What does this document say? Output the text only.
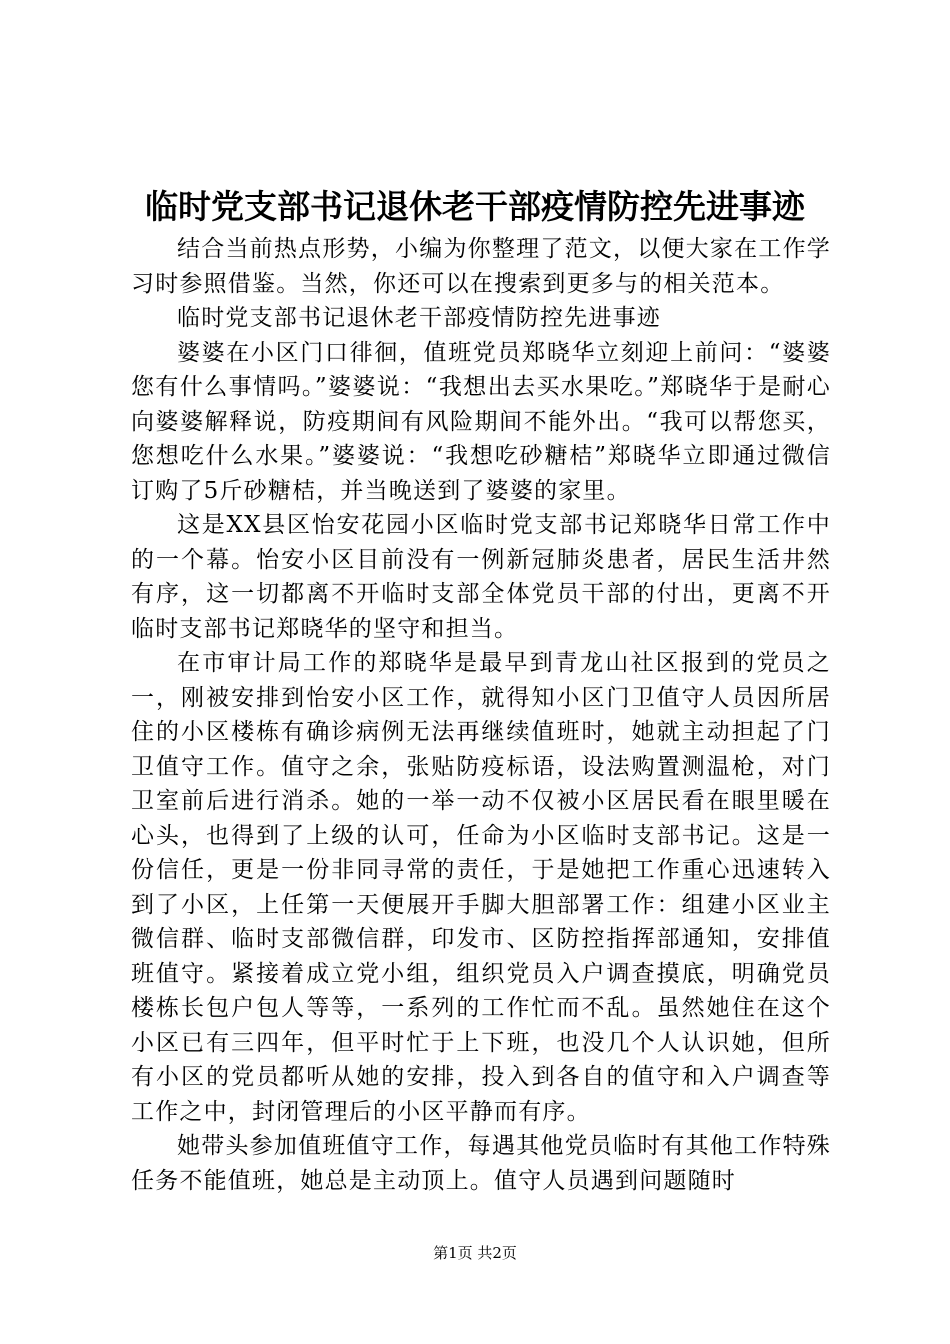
临时党支部书记退休老干部疫情防控先进事迹

结合当前热点形势，小编为你整理了范文，以便大家在工作学习时参照借鉴。当然，你还可以在搜索到更多与的相关范本。

临时党支部书记退休老干部疫情防控先进事迹

婆婆在小区门口徘徊，值班党员郑晓华立刻迎上前问：“婆婆您有什么事情吗。”婆婆说：“我想出去买水果吃。”郑晓华于是耐心向婆婆解释说，防疫期间有风险期间不能外出。“我可以帮您买，您想吃什么水果。”婆婆说：“我想吃砂糖桔”郑晓华立即通过微信订购了5斤砂糖桔，并当晚送到了婆婆的家里。

这是XX县区怡安花园小区临时党支部书记郑晓华日常工作中的一个幕。怡安小区目前没有一例新冠肺炎患者，居民生活井然有序，这一切都离不开临时支部全体党员干部的付出，更离不开临时支部书记郑晓华的坚守和担当。

在市审计局工作的郑晓华是最早到青龙山社区报到的党员之一，刚被安排到怡安小区工作，就得知小区门卫值守人员因所居住的小区楼栋有确诊病例无法再继续值班时，她就主动担起了门卫值守工作。值守之余，张贴防疫标语，设法购置测温枪，对门卫室前后进行消杀。她的一举一动不仅被小区居民看在眼里暖在心头，也得到了上级的认可，任命为小区临时支部书记。这是一份信任，更是一份非同寻常的责任，于是她把工作重心迅速转入到了小区，上任第一天便展开手脚大胆部署工作：组建小区业主微信群、临时支部微信群，印发市、区防控指挥部通知，安排值班值守。紧接着成立党小组，组织党员入户调查摸底，明确党员楼栋长包户包人等等，一系列的工作忙而不乱。虽然她住在这个小区已有三四年，但平时忙于上下班，也没几个人认识她，但所有小区的党员都听从她的安排，投入到各自的值守和入户调查等工作之中，封闭管理后的小区平静而有序。

她带头参加值班值守工作，每遇其他党员临时有其他工作特殊任务不能值班，她总是主动顶上。值守人员遇到问题随时

第1页 共2页
